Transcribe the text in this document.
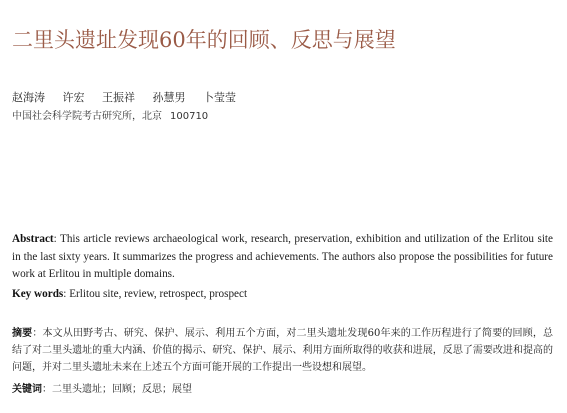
二里头遗址发现60年的回顾、反思与展望
赵海涛 许宏 王振祥 孙慧男 卜莹莹
中国社会科学院考古研究所，北京 100710
Abstract: This article reviews archaeological work, research, preservation, exhibition and utilization of the Erlitou site in the last sixty years. It summarizes the progress and achievements. The authors also propose the possibilities for future work at Erlitou in multiple domains.
Key words: Erlitou site, review, retrospect, prospect
摘要：本文从田野考古、研究、保护、展示、利用五个方面，对二里头遗址发现60年来的工作历程进行了简要的回顾，总结了对二里头遗址的重大内涵、价值的揭示、研究、保护、展示、利用方面所取得的收获和进展，反思了需要改进和提高的问题，并对二里头遗址未来在上述五个方面可能开展的工作提出一些设想和展望。
关键词：二里头遗址；回顾；反思；展望
